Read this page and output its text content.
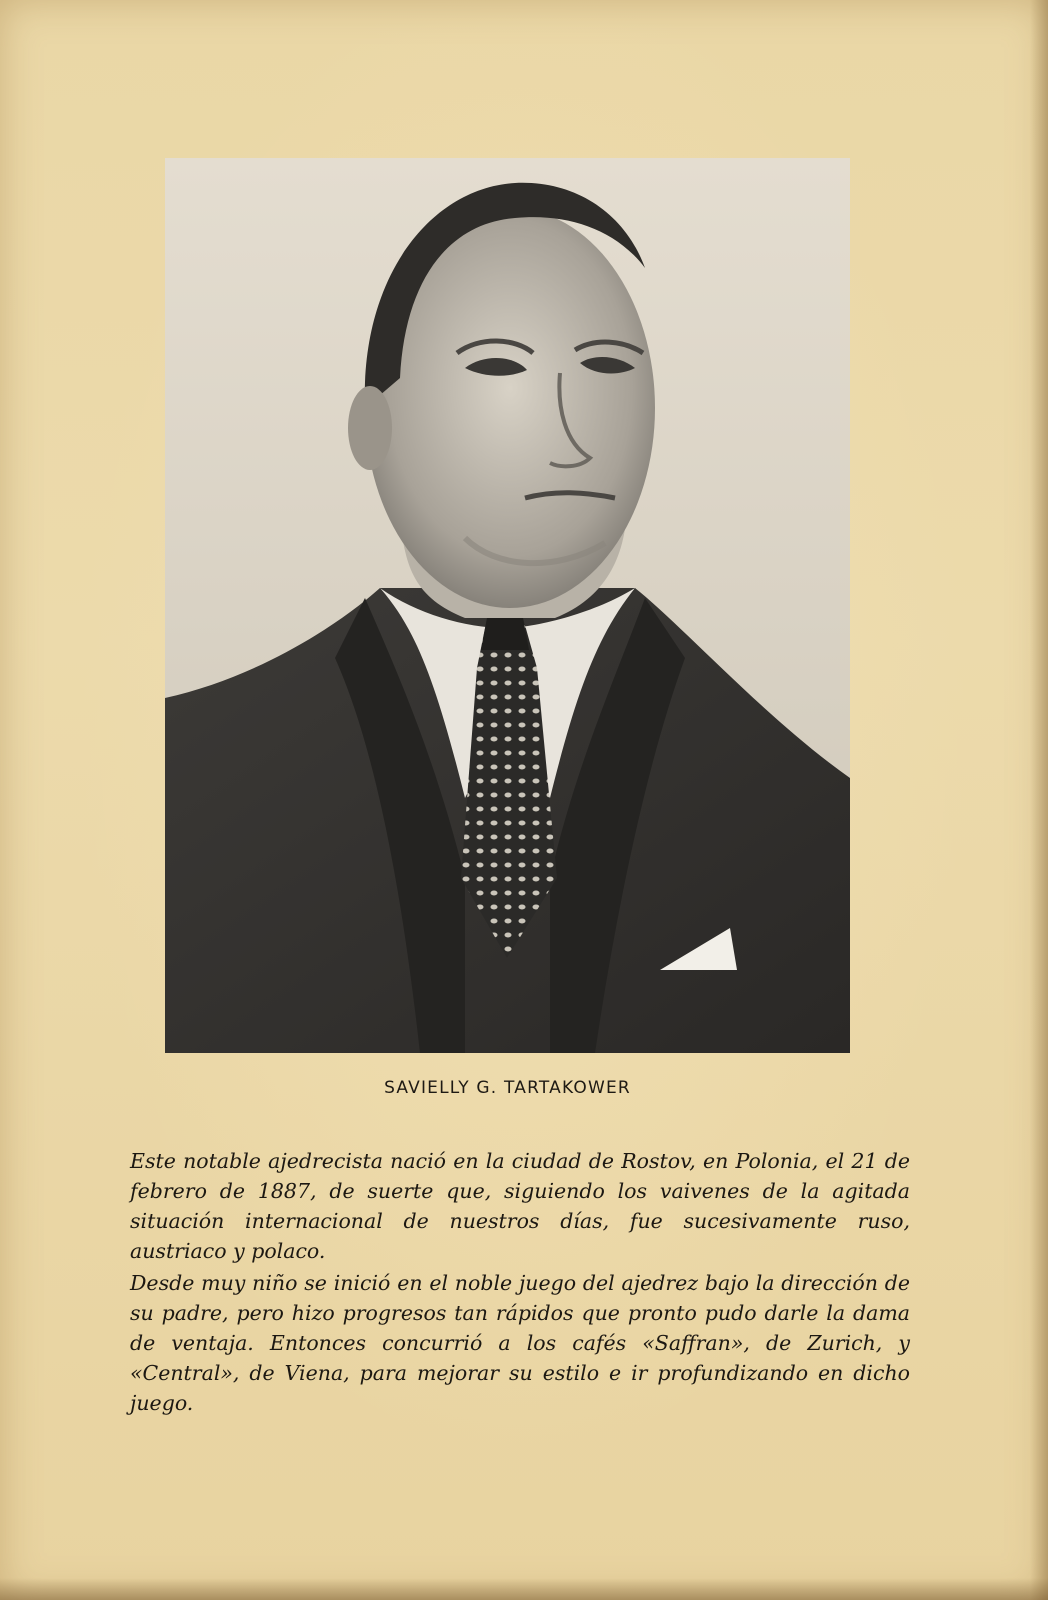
SAVIELLY G. TARTAKOWER

Este notable ajedrecista nació en la ciudad de Rostov, en Polonia, el 21 de febrero de 1887, de suerte que, siguiendo los vaivenes de la agitada situación internacional de nuestros días, fue sucesivamente ruso, austriaco y polaco.

Desde muy niño se inició en el noble juego del ajedrez bajo la dirección de su padre, pero hizo progresos tan rápidos que pronto pudo darle la dama de ventaja. Entonces concurrió a los cafés «Saffran», de Zurich, y «Central», de Viena, para mejorar su estilo e ir profundizando en dicho juego.
